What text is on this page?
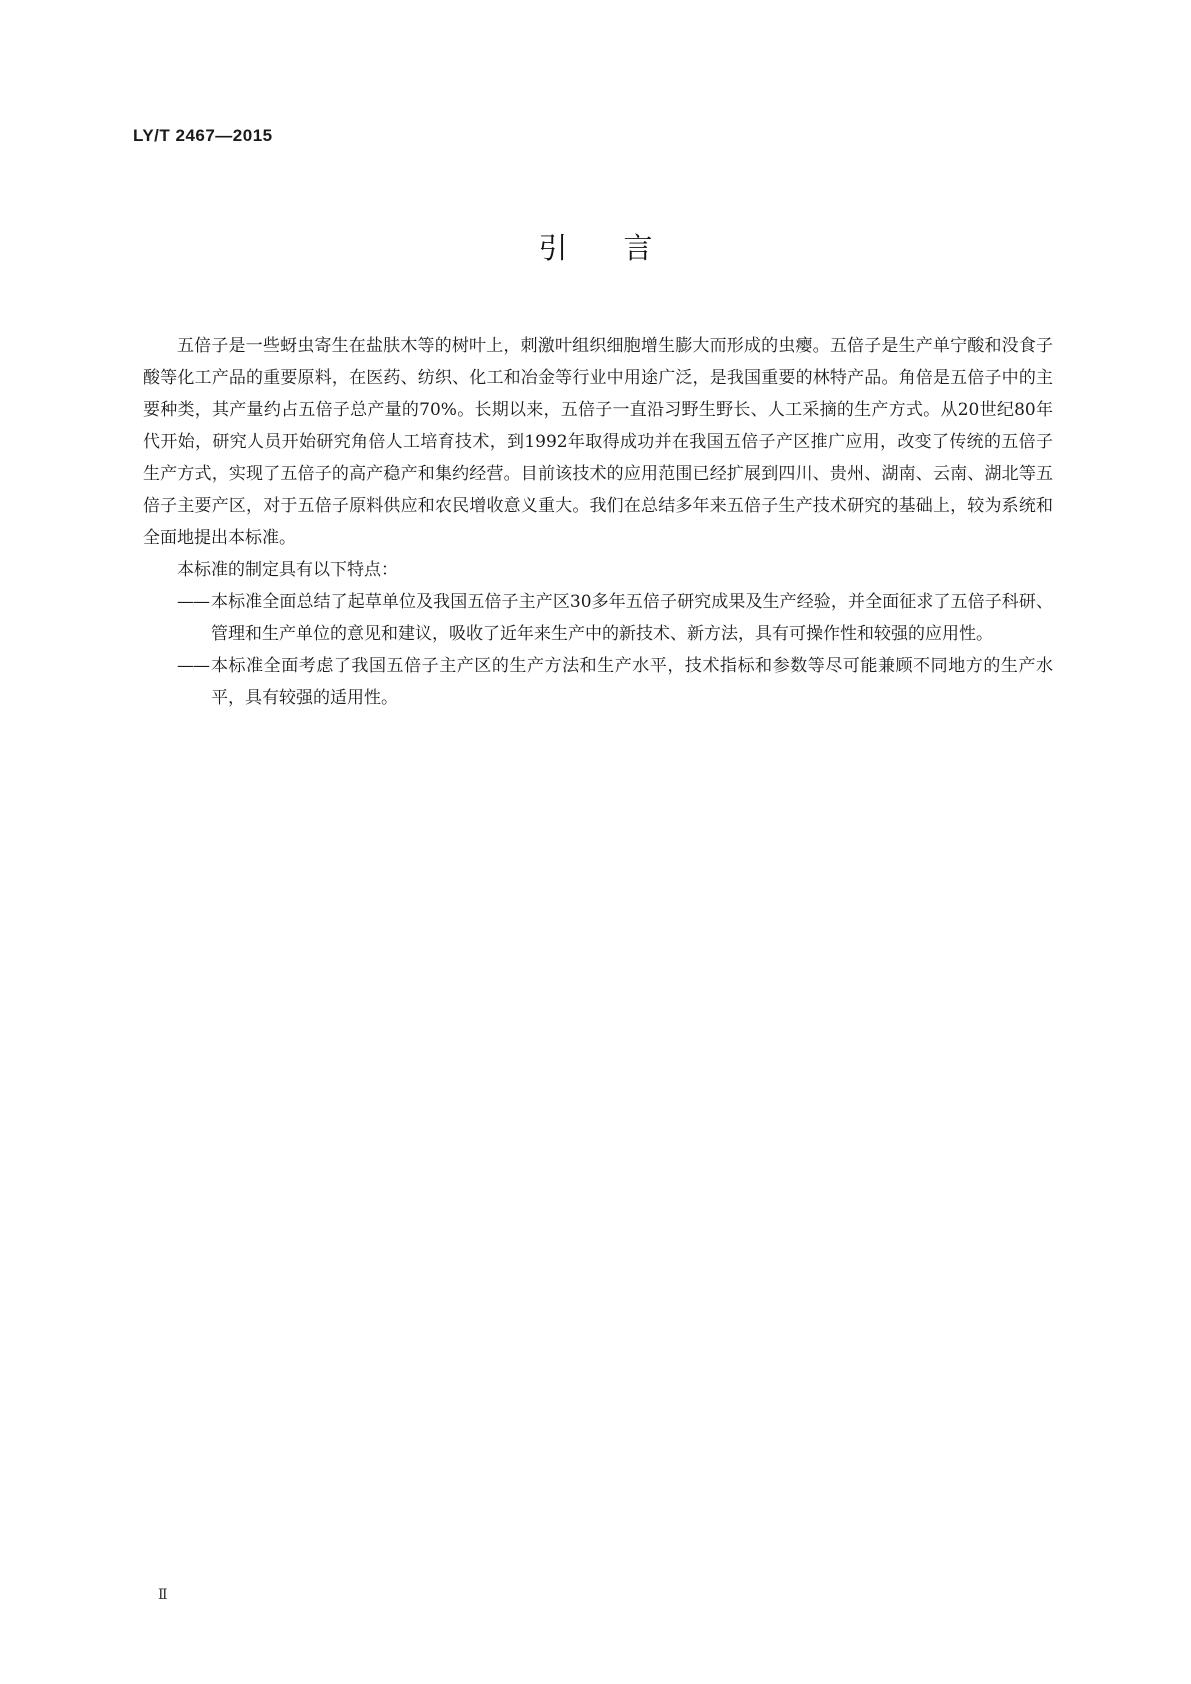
LY/T 2467—2015
引言

五倍子是一些蚜虫寄生在盐肤木等的树叶上，刺激叶组织细胞增生膨大而形成的虫瘿。五倍子是生产单宁酸和没食子酸等化工产品的重要原料，在医药、纺织、化工和冶金等行业中用途广泛，是我国重要的林特产品。角倍是五倍子中的主要种类，其产量约占五倍子总产量的70%。长期以来，五倍子一直沿习野生野长、人工采摘的生产方式。从20世纪80年代开始，研究人员开始研究角倍人工培育技术，到1992年取得成功并在我国五倍子产区推广应用，改变了传统的五倍子生产方式，实现了五倍子的高产稳产和集约经营。目前该技术的应用范围已经扩展到四川、贵州、湖南、云南、湖北等五倍子主要产区，对于五倍子原料供应和农民增收意义重大。我们在总结多年来五倍子生产技术研究的基础上，较为系统和全面地提出本标准。

本标准的制定具有以下特点：

—— 本标准全面总结了起草单位及我国五倍子主产区30多年五倍子研究成果及生产经验，并全面征求了五倍子科研、管理和生产单位的意见和建议，吸收了近年来生产中的新技术、新方法，具有可操作性和较强的应用性。
—— 本标准全面考虑了我国五倍子主产区的生产方法和生产水平，技术指标和参数等尽可能兼顾不同地方的生产水平，具有较强的适用性。
Ⅱ
